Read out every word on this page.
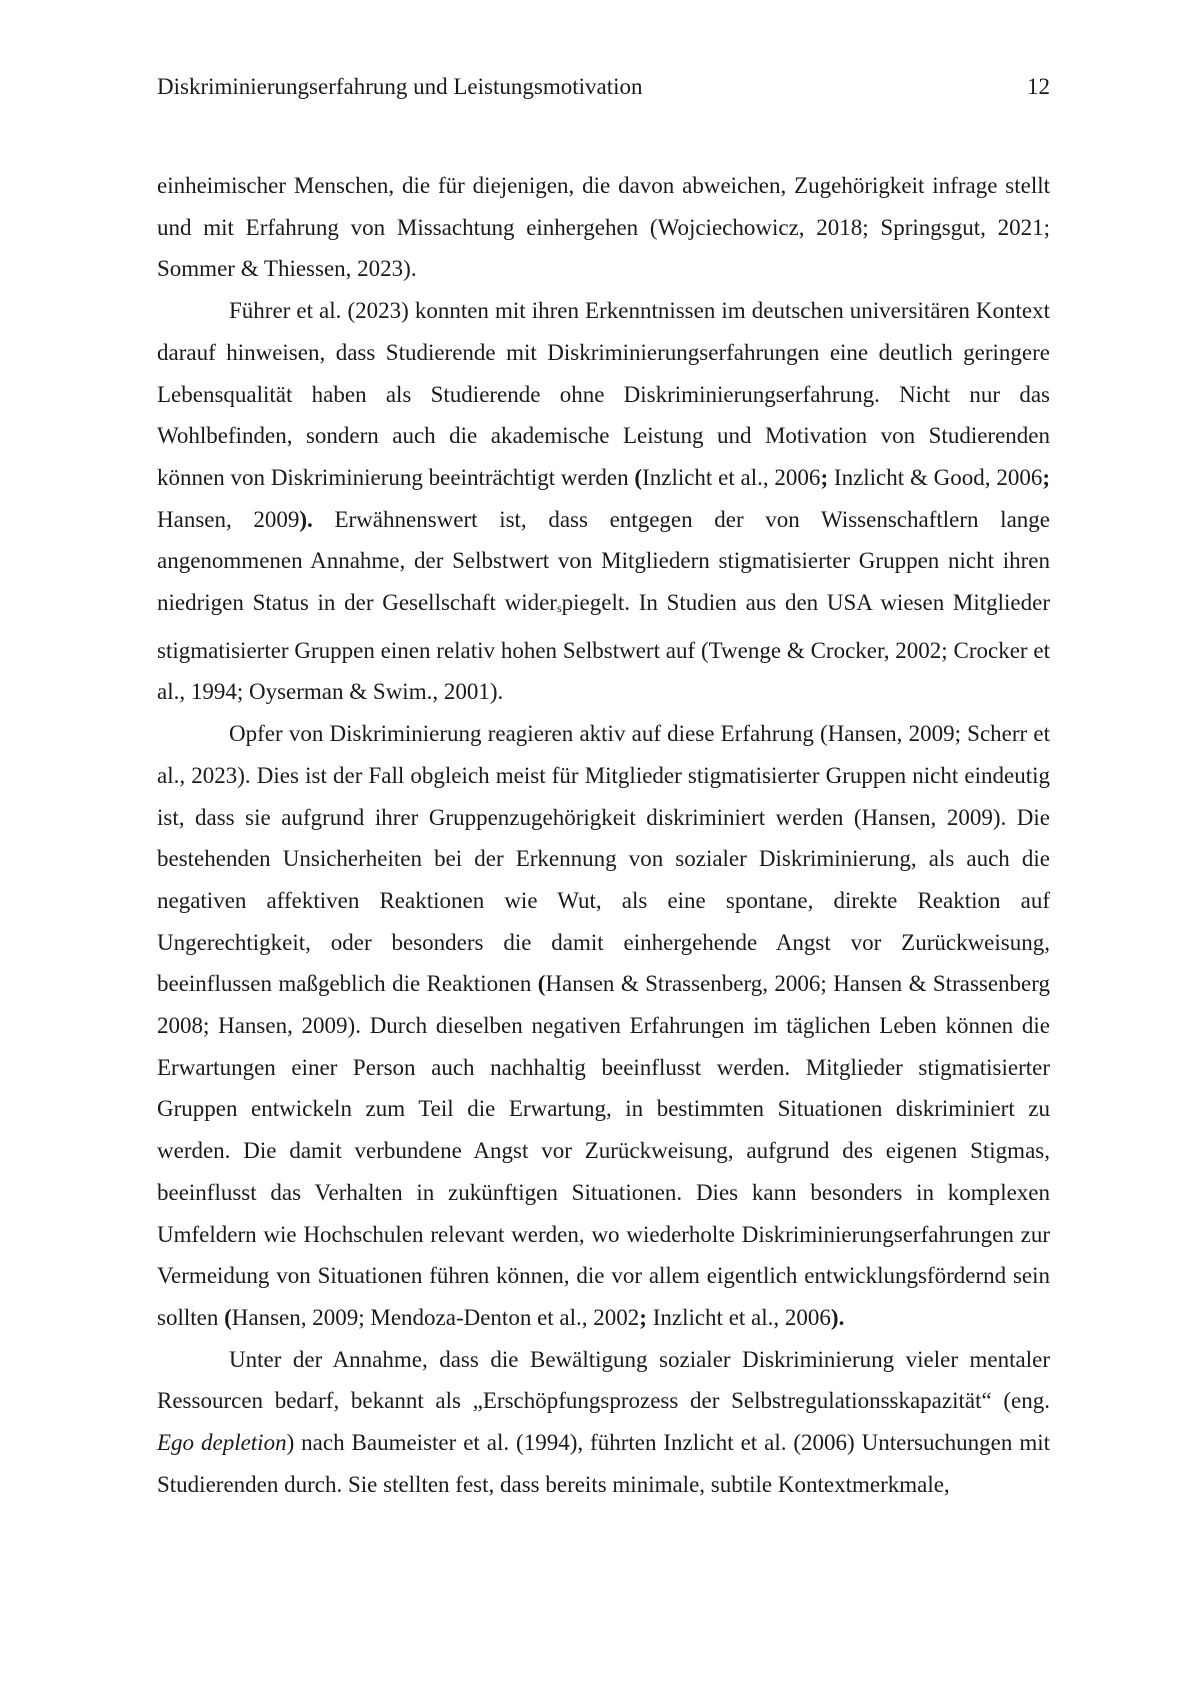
Diskriminierungserfahrung und Leistungsmotivation	12

einheimischer Menschen, die für diejenigen, die davon abweichen, Zugehörigkeit infrage stellt und mit Erfahrung von Missachtung einhergehen (Wojciechowicz, 2018; Springsgut, 2021; Sommer & Thiessen, 2023).

Führer et al. (2023) konnten mit ihren Erkenntnissen im deutschen universitären Kontext darauf hinweisen, dass Studierende mit Diskriminierungserfahrungen eine deutlich geringere Lebensqualität haben als Studierende ohne Diskriminierungserfahrung. Nicht nur das Wohlbefinden, sondern auch die akademische Leistung und Motivation von Studierenden können von Diskriminierung beeinträchtigt werden (Inzlicht et al., 2006; Inzlicht & Good, 2006; Hansen, 2009). Erwähnenswert ist, dass entgegen der von Wissenschaftlern lange angenommenen Annahme, der Selbstwert von Mitgliedern stigmatisierter Gruppen nicht ihren niedrigen Status in der Gesellschaft widerspiegelt. In Studien aus den USA wiesen Mitglieder stigmatisierter Gruppen einen relativ hohen Selbstwert auf (Twenge & Crocker, 2002; Crocker et al., 1994; Oyserman & Swim., 2001).

Opfer von Diskriminierung reagieren aktiv auf diese Erfahrung (Hansen, 2009; Scherr et al., 2023). Dies ist der Fall obgleich meist für Mitglieder stigmatisierter Gruppen nicht eindeutig ist, dass sie aufgrund ihrer Gruppenzugehörigkeit diskriminiert werden (Hansen, 2009). Die bestehenden Unsicherheiten bei der Erkennung von sozialer Diskriminierung, als auch die negativen affektiven Reaktionen wie Wut, als eine spontane, direkte Reaktion auf Ungerechtigkeit, oder besonders die damit einhergehende Angst vor Zurückweisung, beeinflussen maßgeblich die Reaktionen (Hansen & Strassenberg, 2006; Hansen & Strassenberg 2008; Hansen, 2009). Durch dieselben negativen Erfahrungen im täglichen Leben können die Erwartungen einer Person auch nachhaltig beeinflusst werden. Mitglieder stigmatisierter Gruppen entwickeln zum Teil die Erwartung, in bestimmten Situationen diskriminiert zu werden. Die damit verbundene Angst vor Zurückweisung, aufgrund des eigenen Stigmas, beeinflusst das Verhalten in zukünftigen Situationen. Dies kann besonders in komplexen Umfeldern wie Hochschulen relevant werden, wo wiederholte Diskriminierungserfahrungen zur Vermeidung von Situationen führen können, die vor allem eigentlich entwicklungsfördernd sein sollten (Hansen, 2009; Mendoza-Denton et al., 2002; Inzlicht et al., 2006).

Unter der Annahme, dass die Bewältigung sozialer Diskriminierung vieler mentaler Ressourcen bedarf, bekannt als „Erschöpfungsprozess der Selbstregulationsskapazität“ (eng. Ego depletion) nach Baumeister et al. (1994), führten Inzlicht et al. (2006) Untersuchungen mit Studierenden durch. Sie stellten fest, dass bereits minimale, subtile Kontextmerkmale,
